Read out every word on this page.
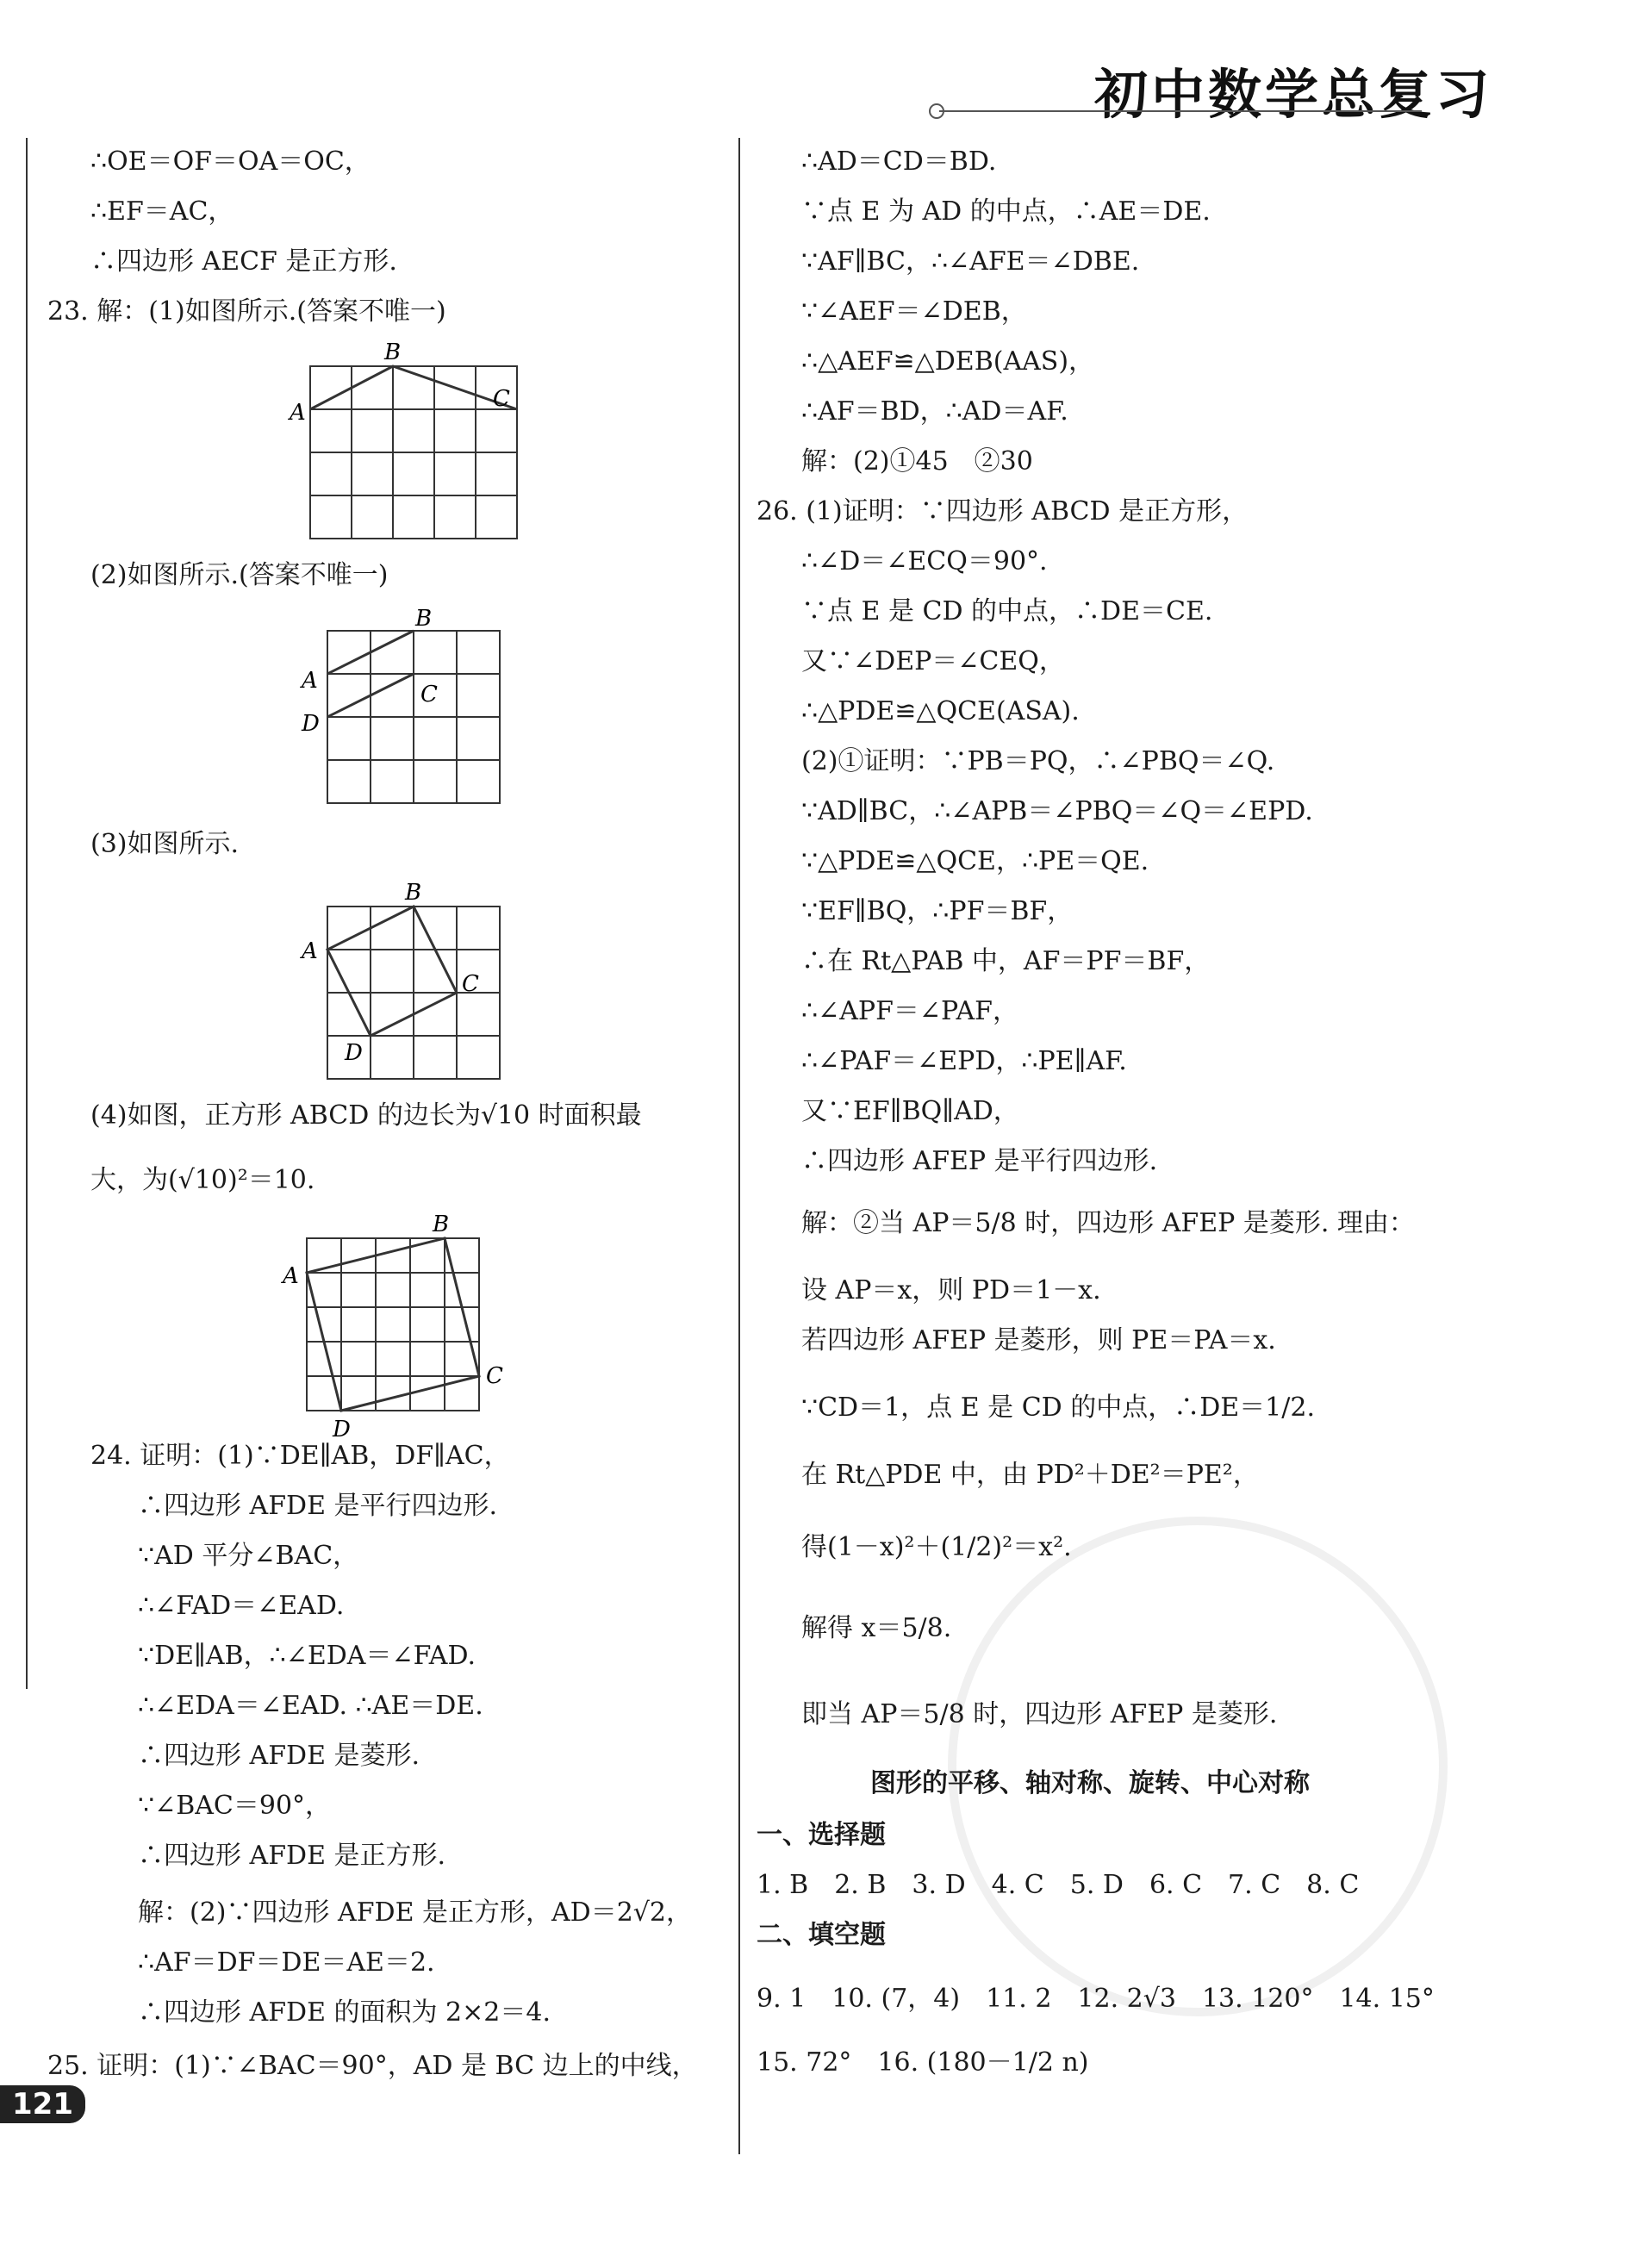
初中数学总复习
∴OE＝OF＝OA＝OC，
∴EF＝AC，
∴四边形 AECF 是正方形.
23. 解：(1)如图所示.(答案不唯一)
A
B
C
(2)如图所示.(答案不唯一)
A
B
C
D
(3)如图所示.
A
B
C
D
(4)如图，正方形 ABCD 的边长为√10 时面积最
大，为(√10)²＝10.
A
B
C
D
24. 证明：(1)∵DE∥AB，DF∥AC，
∴四边形 AFDE 是平行四边形.
∵AD 平分∠BAC，
∴∠FAD＝∠EAD.
∵DE∥AB，∴∠EDA＝∠FAD.
∴∠EDA＝∠EAD. ∴AE＝DE.
∴四边形 AFDE 是菱形.
∵∠BAC＝90°，
∴四边形 AFDE 是正方形.
解：(2)∵四边形 AFDE 是正方形，AD＝2√2，
∴AF＝DF＝DE＝AE＝2.
∴四边形 AFDE 的面积为 2×2＝4.
25. 证明：(1)∵∠BAC＝90°，AD 是 BC 边上的中线，
121
∴AD＝CD＝BD.
∵点 E 为 AD 的中点，∴AE＝DE.
∵AF∥BC，∴∠AFE＝∠DBE.
∵∠AEF＝∠DEB，
∴△AEF≌△DEB(AAS)，
∴AF＝BD，∴AD＝AF.
解：(2)①45　②30
26. (1)证明：∵四边形 ABCD 是正方形，
∴∠D＝∠ECQ＝90°.
∵点 E 是 CD 的中点，∴DE＝CE.
又∵∠DEP＝∠CEQ，
∴△PDE≌△QCE(ASA).
(2)①证明：∵PB＝PQ，∴∠PBQ＝∠Q.
∵AD∥BC，∴∠APB＝∠PBQ＝∠Q＝∠EPD.
∵△PDE≌△QCE，∴PE＝QE.
∵EF∥BQ，∴PF＝BF，
∴在 Rt△PAB 中，AF＝PF＝BF，
∴∠APF＝∠PAF，
∴∠PAF＝∠EPD，∴PE∥AF.
又∵EF∥BQ∥AD，
∴四边形 AFEP 是平行四边形.
解：②当 AP＝5/8 时，四边形 AFEP 是菱形. 理由：
设 AP＝x，则 PD＝1－x.
若四边形 AFEP 是菱形，则 PE＝PA＝x.
∵CD＝1，点 E 是 CD 的中点，∴DE＝1/2.
在 Rt△PDE 中，由 PD²＋DE²＝PE²，
得(1－x)²＋(1/2)²＝x².
解得 x＝5/8.
即当 AP＝5/8 时，四边形 AFEP 是菱形.
图形的平移、轴对称、旋转、中心对称
一、选择题
1. B　2. B　3. D　4. C　5. D　6. C　7. C　8. C
二、填空题
9. 1　10. (7，4)　11. 2　12. 2√3　13. 120°　14. 15°
15. 72°　16. (180－1/2 n)
